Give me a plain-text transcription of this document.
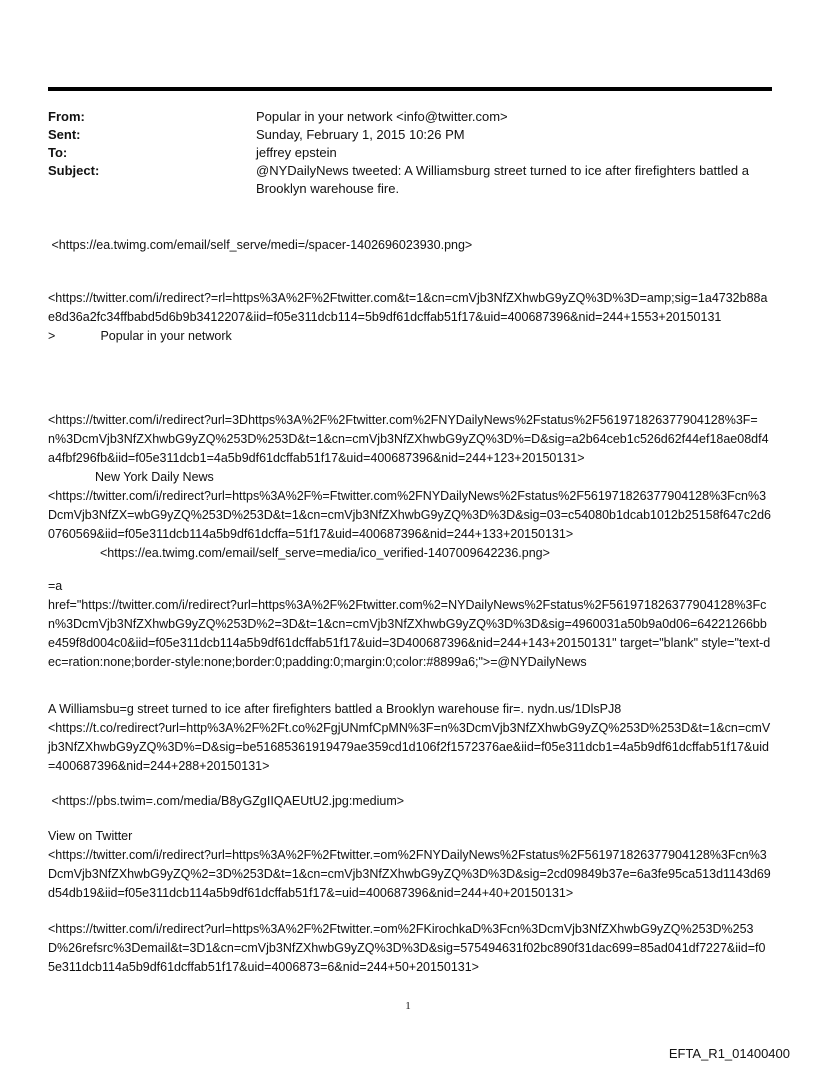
From:	Popular in your network <info@twitter.com>
Sent:	Sunday, February 1, 2015 10:26 PM
To:	jeffrey epstein
Subject:	@NYDailyNews tweeted: A Williamsburg street turned to ice after firefighters battled a Brooklyn warehouse fire.
<https://ea.twimg.com/email/self_serve/medi=/spacer-1402696023930.png>
<https://twitter.com/i/redirect?=rl=https%3A%2F%2Ftwitter.com&t=1&cn=cmVjb3NfZXhwbG9yZQ%3D%3D=amp;sig=1a4732b88ae8d36a2fc34ffbabd5d6b9b3412207&iid=f05e311dcb114=5b9df61dcffab51f17&uid=400687396&nid=244+1553+20150131>	Popular in your network
<https://twitter.com/i/redirect?url=3Dhttps%3A%2F%2Ftwitter.com%2FNYDailyNews%2Fstatus%2F561971826377904128%3F=n%3DcmVjb3NfZXhwbG9yZQ%253D%253D&t=1&cn=cmVjb3NfZXhwbG9yZQ%3D%=D&sig=a2b64ceb1c526d62f44ef18ae08df4a4fbf296fb&iid=f05e311dcb1=4a5b9df61dcffab51f17&uid=400687396&nid=244+123+20150131>
New York Daily News
<https://twitter.com/i/redirect?url=https%3A%2F%=Ftwitter.com%2FNYDailyNews%2Fstatus%2F561971826377904128%3Fcn%3DcmVjb3NfZX=wbG9yZQ%253D%253D&t=1&cn=cmVjb3NfZXhwbG9yZQ%3D%3D&sig=03=c54080b1dcab1012b25158f647c2d60760569&iid=f05e311dcb114a5b9df61dcffa=51f17&uid=400687396&nid=244+133+20150131>
<https://ea.twimg.com/email/self_serve=media/ico_verified-1407009642236.png>
=a
href="https://twitter.com/i/redirect?url=https%3A%2F%2Ftwitter.com%2=NYDailyNews%2Fstatus%2F561971826377904128%3Fcn%3DcmVjb3NfZXhwbG9yZQ%253D%2=3D&t=1&cn=cmVjb3NfZXhwbG9yZQ%3D%3D&sig=4960031a50b9a0d06=64221266bbe459f8d004c0&iid=f05e311dcb114a5b9df61dcffab51f17&uid=3D400687396&nid=244+143+20150131" target="blank" style="text-dec=ration:none;border-style:none;border:0;padding:0;margin:0;color:#8899a6;">=@NYDailyNews
A Williamsbu=g street turned to ice after firefighters battled a Brooklyn warehouse fir=. nydn.us/1DlsPJ8
<https://t.co/redirect?url=http%3A%2F%2Ft.co%2FgjUNmfCpMN%3F=n%3DcmVjb3NfZXhwbG9yZQ%253D%253D&t=1&cn=cmVjb3NfZXhwbG9yZQ%3D%=D&sig=be51685361919479ae359cd1d106f2f1572376ae&iid=f05e311dcb1=4a5b9df61dcffab51f17&uid=400687396&nid=244+288+20150131>
<https://pbs.twim=.com/media/B8yGZgIIQAEUtU2.jpg:medium>
View on Twitter
<https://twitter.com/i/redirect?url=https%3A%2F%2Ftwitter.=om%2FNYDailyNews%2Fstatus%2F561971826377904128%3Fcn%3DcmVjb3NfZXhwbG9yZQ%2=3D%253D&t=1&cn=cmVjb3NfZXhwbG9yZQ%3D%3D&sig=2cd09849b37e=6a3fe95ca513d1143d69d54db19&iid=f05e311dcb114a5b9df61dcffab51f17&=uid=400687396&nid=244+40+20150131>
<https://twitter.com/i/redirect?url=https%3A%2F%2Ftwitter.=om%2FKirochkaD%3Fcn%3DcmVjb3NfZXhwbG9yZQ%253D%253D%26refsrc%3Demail&t=3D1&cn=cmVjb3NfZXhwbG9yZQ%3D%3D&sig=575494631f02bc890f31dac699=85ad041df7227&iid=f05e311dcb114a5b9df61dcffab51f17&uid=4006873=6&nid=244+50+20150131>
1
EFTA_R1_01400400
